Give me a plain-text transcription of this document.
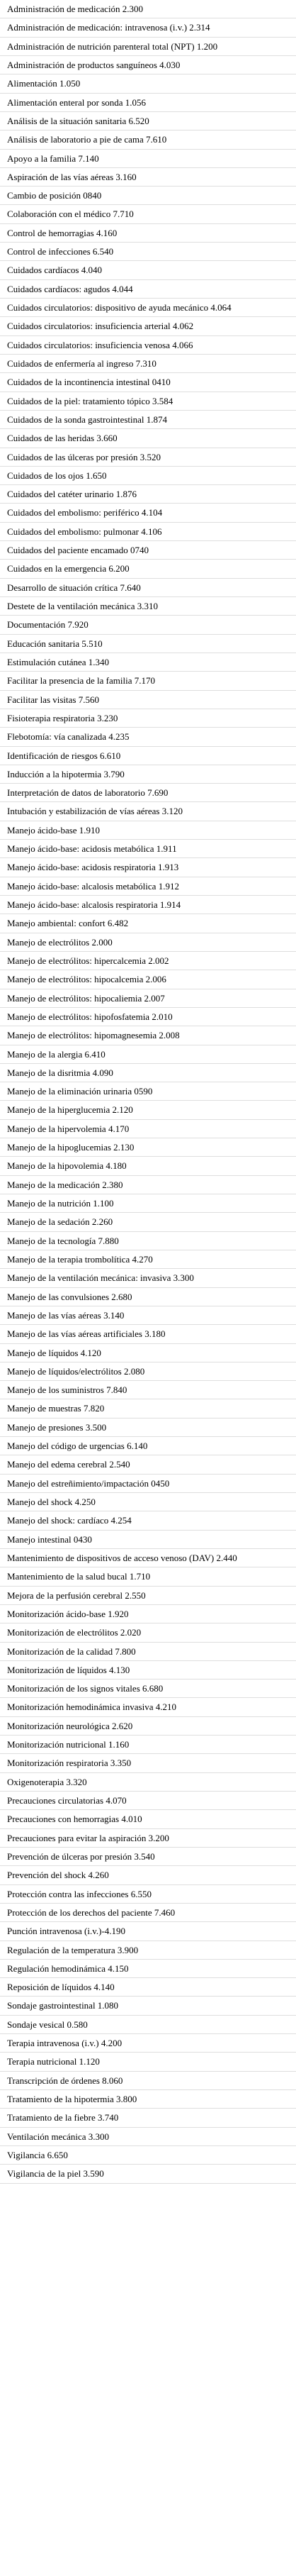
Administración de medicación 2.300
Administración de medicación: intravenosa (i.v.) 2.314
Administración de nutrición parenteral total (NPT) 1.200
Administración de productos sanguíneos 4.030
Alimentación 1.050
Alimentación enteral por sonda 1.056
Análisis de la situación sanitaria 6.520
Análisis de laboratorio a pie de cama 7.610
Apoyo a la familia 7.140
Aspiración de las vías aéreas 3.160
Cambio de posición 0840
Colaboración con el médico 7.710
Control de hemorragias 4.160
Control de infecciones 6.540
Cuidados cardíacos 4.040
Cuidados cardíacos: agudos 4.044
Cuidados circulatorios: dispositivo de ayuda mecánico 4.064
Cuidados circulatorios: insuficiencia arterial 4.062
Cuidados circulatorios: insuficiencia venosa 4.066
Cuidados de enfermería al ingreso 7.310
Cuidados de la incontinencia intestinal 0410
Cuidados de la piel: tratamiento tópico 3.584
Cuidados de la sonda gastrointestinal 1.874
Cuidados de las heridas 3.660
Cuidados de las úlceras por presión 3.520
Cuidados de los ojos 1.650
Cuidados del catéter urinario 1.876
Cuidados del embolismo: periférico 4.104
Cuidados del embolismo: pulmonar 4.106
Cuidados del paciente encamado 0740
Cuidados en la emergencia 6.200
Desarrollo de situación crítica 7.640
Destete de la ventilación mecánica 3.310
Documentación 7.920
Educación sanitaria 5.510
Estimulación cutánea 1.340
Facilitar la presencia de la familia 7.170
Facilitar las visitas 7.560
Fisioterapia respiratoria 3.230
Flebotomía: vía canalizada 4.235
Identificación de riesgos 6.610
Inducción a la hipotermia 3.790
Interpretación de datos de laboratorio 7.690
Intubación y estabilización de vías aéreas 3.120
Manejo ácido-base 1.910
Manejo ácido-base: acidosis metabólica 1.911
Manejo ácido-base: acidosis respiratoria 1.913
Manejo ácido-base: alcalosis metabólica 1.912
Manejo ácido-base: alcalosis respiratoria 1.914
Manejo ambiental: confort 6.482
Manejo de electrólitos 2.000
Manejo de electrólitos: hipercalcemia 2.002
Manejo de electrólitos: hipocalcemia 2.006
Manejo de electrólitos: hipocaliemia 2.007
Manejo de electrólitos: hipofosfatemia 2.010
Manejo de electrólitos: hipomagnesemia 2.008
Manejo de la alergia 6.410
Manejo de la disritmia 4.090
Manejo de la eliminación urinaria 0590
Manejo de la hiperglucemia 2.120
Manejo de la hipervolemia 4.170
Manejo de la hipoglucemias 2.130
Manejo de la hipovolemia 4.180
Manejo de la medicación 2.380
Manejo de la nutrición 1.100
Manejo de la sedación 2.260
Manejo de la tecnología 7.880
Manejo de la terapia trombolítica 4.270
Manejo de la ventilación mecánica: invasiva 3.300
Manejo de las convulsiones 2.680
Manejo de las vías aéreas 3.140
Manejo de las vías aéreas artificiales 3.180
Manejo de líquidos 4.120
Manejo de líquidos/electrólitos 2.080
Manejo de los suministros 7.840
Manejo de muestras 7.820
Manejo de presiones 3.500
Manejo del código de urgencias 6.140
Manejo del edema cerebral 2.540
Manejo del estreñimiento/impactación 0450
Manejo del shock 4.250
Manejo del shock: cardíaco 4.254
Manejo intestinal 0430
Mantenimiento de dispositivos de acceso venoso (DAV) 2.440
Mantenimiento de la salud bucal 1.710
Mejora de la perfusión cerebral 2.550
Monitorización ácido-base 1.920
Monitorización de electrólitos 2.020
Monitorización de la calidad 7.800
Monitorización de líquidos 4.130
Monitorización de los signos vitales 6.680
Monitorización hemodinámica invasiva 4.210
Monitorización neurológica 2.620
Monitorización nutricional 1.160
Monitorización respiratoria 3.350
Oxigenoterapia 3.320
Precauciones circulatorias 4.070
Precauciones con hemorragias 4.010
Precauciones para evitar la aspiración 3.200
Prevención de úlceras por presión 3.540
Prevención del shock 4.260
Protección contra las infecciones 6.550
Protección de los derechos del paciente 7.460
Punción intravenosa (i.v.)-4.190
Regulación de la temperatura 3.900
Regulación hemodinámica 4.150
Reposición de líquidos 4.140
Sondaje gastrointestinal 1.080
Sondaje vesical 0.580
Terapia intravenosa (i.v.) 4.200
Terapia nutricional 1.120
Transcripción de órdenes 8.060
Tratamiento de la hipotermia 3.800
Tratamiento de la fiebre 3.740
Ventilación mecánica 3.300
Vigilancia 6.650
Vigilancia de la piel 3.590
